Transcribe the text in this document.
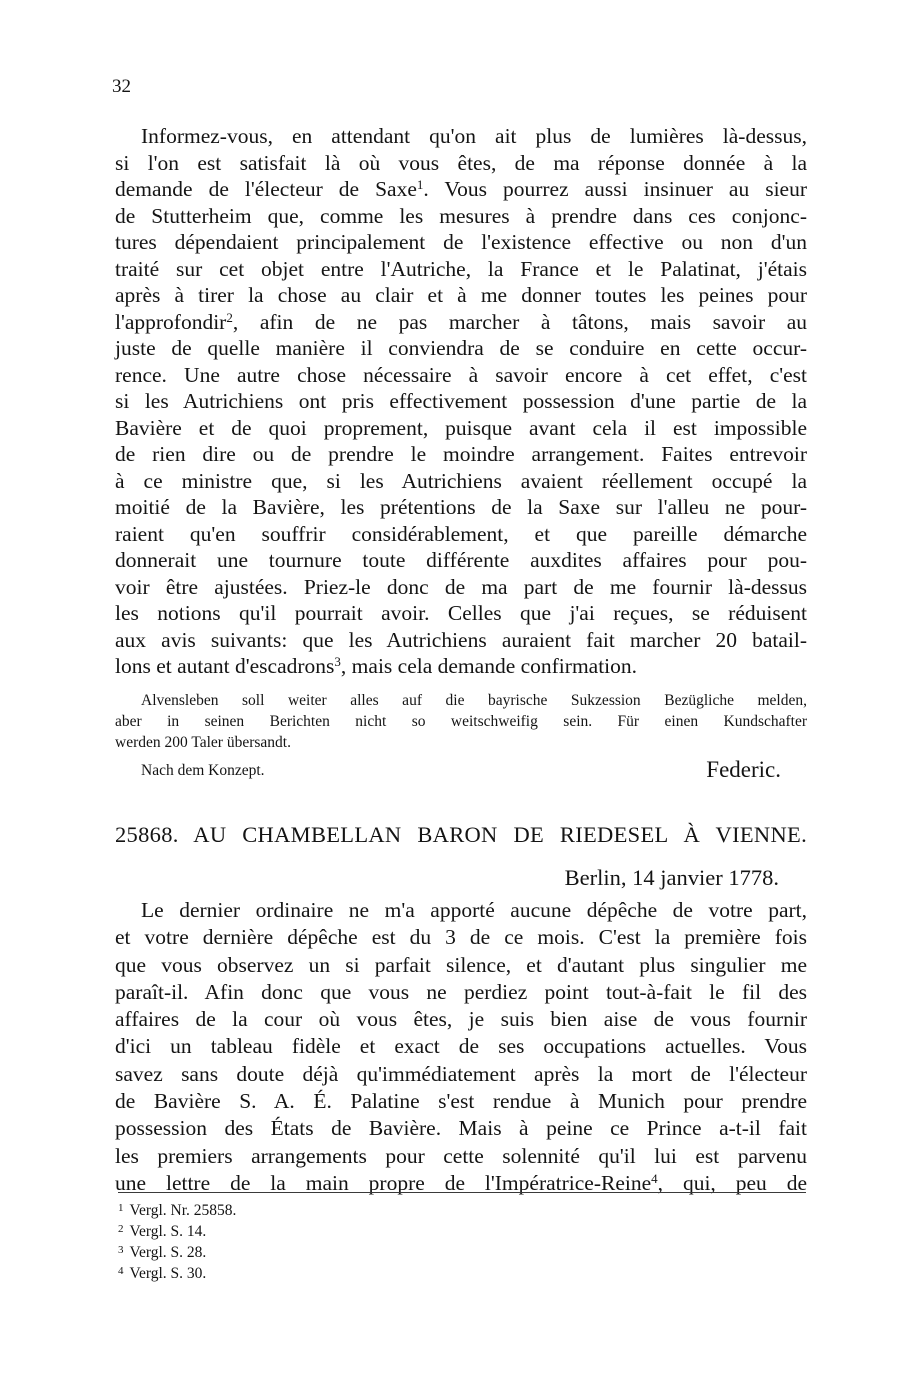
32
Informez-vous, en attendant qu'on ait plus de lumières là-dessus,
si l'on est satisfait là où vous êtes, de ma réponse donnée à la
demande de l'électeur de Saxe$^1$. Vous pourrez aussi insinuer au sieur
de Stutterheim que, comme les mesures à prendre dans ces conjonc-
tures dépendaient principalement de l'existence effective ou non d'un
traité sur cet objet entre l'Autriche, la France et le Palatinat, j'étais
après à tirer la chose au clair et à me donner toutes les peines pour
l'approfondir$^2$, afin de ne pas marcher à tâtons, mais savoir au
juste de quelle manière il conviendra de se conduire en cette occur-
rence. Une autre chose nécessaire à savoir encore à cet effet, c'est
si les Autrichiens ont pris effectivement possession d'une partie de la
Bavière et de quoi proprement, puisque avant cela il est impossible
de rien dire ou de prendre le moindre arrangement. Faites entrevoir
à ce ministre que, si les Autrichiens avaient réellement occupé la
moitié de la Bavière, les prétentions de la Saxe sur l'alleu ne pour-
raient qu'en souffrir considérablement, et que pareille démarche
donnerait une tournure toute différente auxdites affaires pour pou-
voir être ajustées. Priez-le donc de ma part de me fournir là-dessus
les notions qu'il pourrait avoir. Celles que j'ai reçues, se réduisent
aux avis suivants: que les Autrichiens auraient fait marcher 20 batail-
lons et autant d'escadrons$^3$, mais cela demande confirmation.
Alvensleben soll weiter alles auf die bayrische Sukzession Bezügliche melden,
aber in seinen Berichten nicht so weitschweifig sein. Für einen Kundschafter
werden 200 Taler übersandt.
Nach dem Konzept.	Federic.
25868. AU CHAMBELLAN BARON DE RIEDESEL À VIENNE.
Berlin, 14 janvier 1778.
Le dernier ordinaire ne m'a apporté aucune dépêche de votre part,
et votre dernière dépêche est du 3 de ce mois. C'est la première fois
que vous observez un si parfait silence, et d'autant plus singulier me
paraît-il. Afin donc que vous ne perdiez point tout-à-fait le fil des
affaires de la cour où vous êtes, je suis bien aise de vous fournir
d'ici un tableau fidèle et exact de ses occupations actuelles. Vous
savez sans doute déjà qu'immédiatement après la mort de l'électeur
de Bavière S. A. É. Palatine s'est rendue à Munich pour prendre
possession des États de Bavière. Mais à peine ce Prince a-t-il fait
les premiers arrangements pour cette solennité qu'il lui est parvenu
une lettre de la main propre de l'Impératrice-Reine$^4$, qui, peu de
$^1$ Vergl. Nr. 25858.
$^2$ Vergl. S. 14.
$^3$ Vergl. S. 28.
$^4$ Vergl. S. 30.
